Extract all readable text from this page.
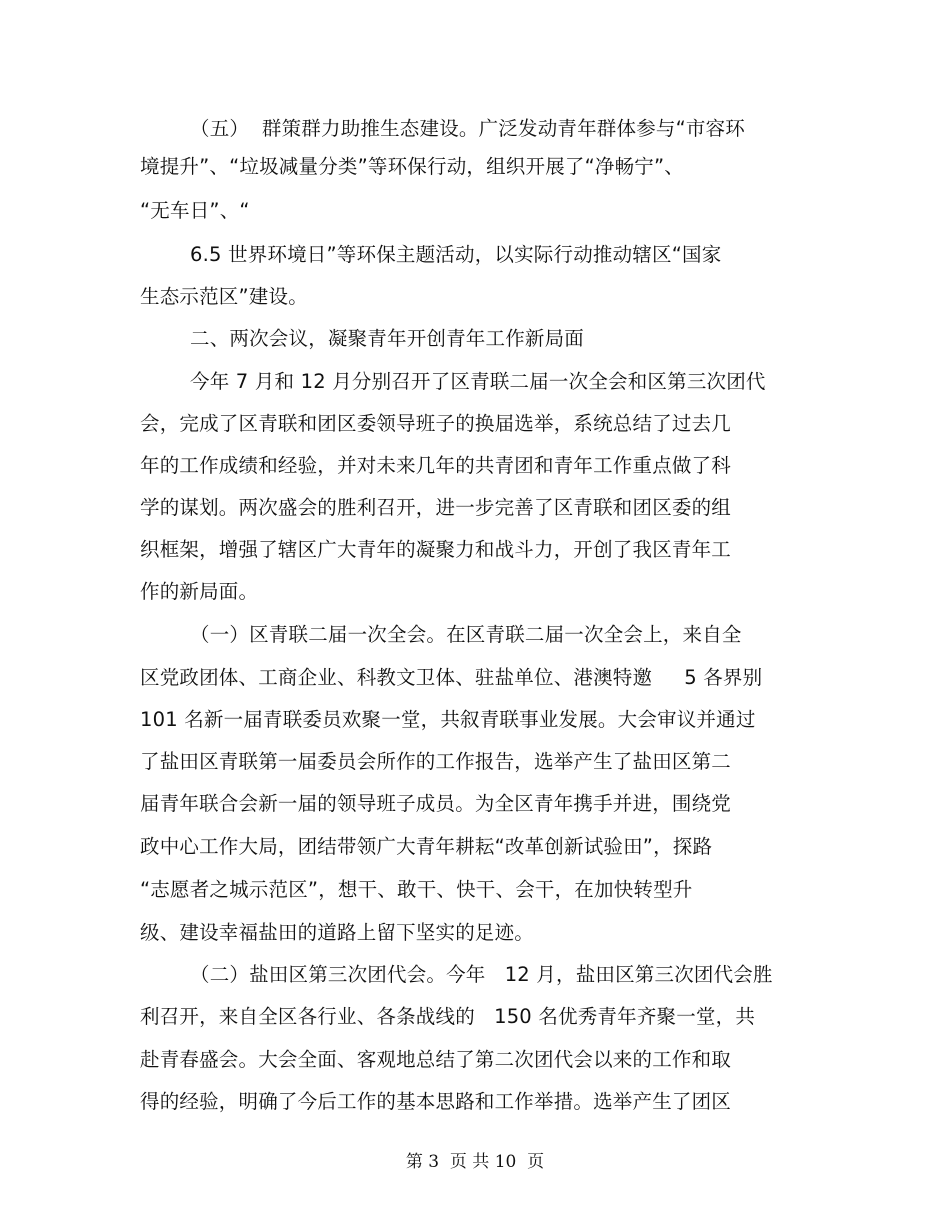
（五）  群策群力助推生态建设。广泛发动青年群体参与“市容环
境提升”、“垃圾减量分类”等环保行动，组织开展了“净畅宁”、
“无车日”、“
6.5 世界环境日”等环保主题活动，以实际行动推动辖区“国家
生态示范区”建设。
二、两次会议，凝聚青年开创青年工作新局面
今年 7 月和 12 月分别召开了区青联二届一次全会和区第三次团代
会，完成了区青联和团区委领导班子的换届选举，系统总结了过去几
年的工作成绩和经验，并对未来几年的共青团和青年工作重点做了科
学的谋划。两次盛会的胜利召开，进一步完善了区青联和团区委的组
织框架，增强了辖区广大青年的凝聚力和战斗力，开创了我区青年工
作的新局面。
（一）区青联二届一次全会。在区青联二届一次全会上，来自全
区党政团体、工商企业、科教文卫体、驻盐单位、港澳特邀     5 各界别
101 名新一届青联委员欢聚一堂，共叙青联事业发展。大会审议并通过
了盐田区青联第一届委员会所作的工作报告，选举产生了盐田区第二
届青年联合会新一届的领导班子成员。为全区青年携手并进，围绕党
政中心工作大局，团结带领广大青年耕耘“改革创新试验田”，探路
“志愿者之城示范区”，想干、敢干、快干、会干，在加快转型升
级、建设幸福盐田的道路上留下坚实的足迹。
（二）盐田区第三次团代会。今年   12 月，盐田区第三次团代会胜
利召开，来自全区各行业、各条战线的   150 名优秀青年齐聚一堂，共
赴青春盛会。大会全面、客观地总结了第二次团代会以来的工作和取
得的经验，明确了今后工作的基本思路和工作举措。选举产生了团区
第 3  页 共 10  页
